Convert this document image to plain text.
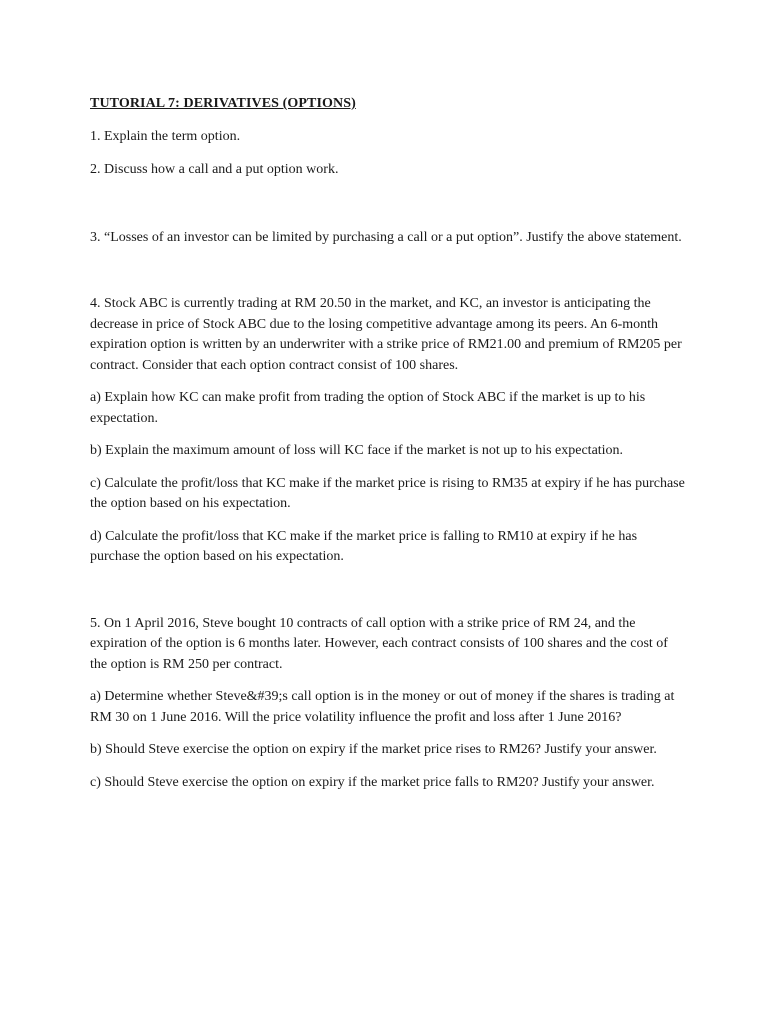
TUTORIAL 7: DERIVATIVES (OPTIONS)

1. Explain the term option.

2. Discuss how a call and a put option work.

3. “Losses of an investor can be limited by purchasing a call or a put option”. Justify the above statement.

4. Stock ABC is currently trading at RM 20.50 in the market, and KC, an investor is anticipating the decrease in price of Stock ABC due to the losing competitive advantage among its peers. An 6-month expiration option is written by an underwriter with a strike price of RM21.00 and premium of RM205 per contract. Consider that each option contract consist of 100 shares.

a) Explain how KC can make profit from trading the option of Stock ABC if the market is up to his expectation.

b) Explain the maximum amount of loss will KC face if the market is not up to his expectation.

c) Calculate the profit/loss that KC make if the market price is rising to RM35 at expiry if he has purchase the option based on his expectation.

d) Calculate the profit/loss that KC make if the market price is falling to RM10 at expiry if he has purchase the option based on his expectation.

5. On 1 April 2016, Steve bought 10 contracts of call option with a strike price of RM 24, and the expiration of the option is 6 months later. However, each contract consists of 100 shares and the cost of the option is RM 250 per contract.

a) Determine whether Steve&#39;s call option is in the money or out of money if the shares is trading at RM 30 on 1 June 2016. Will the price volatility influence the profit and loss after 1 June 2016?

b) Should Steve exercise the option on expiry if the market price rises to RM26? Justify your answer.

c) Should Steve exercise the option on expiry if the market price falls to RM20? Justify your answer.
